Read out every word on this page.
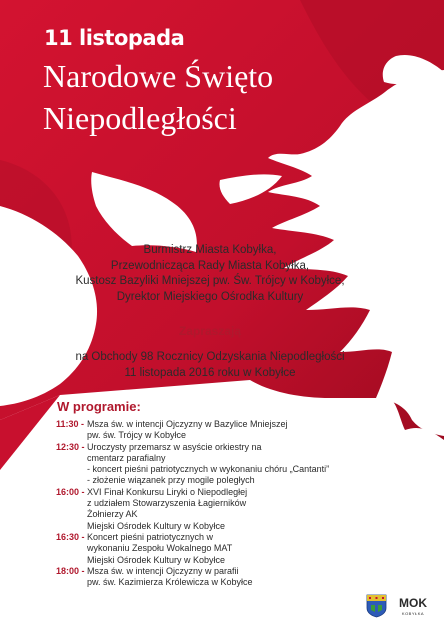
11 listopada
Narodowe Święto
Niepodległości
Burmistrz Miasta Kobyłka,
Przewodnicząca Rady Miasta Kobyłka,
Kustosz Bazyliki Mniejszej pw. Św. Trójcy w Kobyłce,
Dyrektor Miejskiego Ośrodka Kultury
Zapraszają
na Obchody 98 Rocznicy Odzyskania Niepodległości
11 listopada 2016 roku w Kobyłce
W programie:
11:30 - Msza św. w intencji Ojczyzny w Bazylice Mniejszej
pw. św. Trójcy w Kobyłce
12:30 - Uroczysty przemarsz w asyście orkiestry na
cmentarz parafialny
- koncert pieśni patriotycznych w wykonaniu chóru „Cantanti”
- złożenie wiązanek przy mogile poległych
16:00 - XVI Finał Konkursu Liryki o Niepodległej
z udziałem Stowarzyszenia Łagierników
Żołnierzy AK
Miejski Ośrodek Kultury w Kobyłce
16:30 - Koncert pieśni patriotycznych w
wykonaniu Zespołu Wokalnego MAT
Miejski Ośrodek Kultury w Kobyłce
18:00 - Msza św. w intencji Ojczyzny w parafii
pw. św. Kazimierza Królewicza w Kobyłce
MOK
KOBYŁKA
